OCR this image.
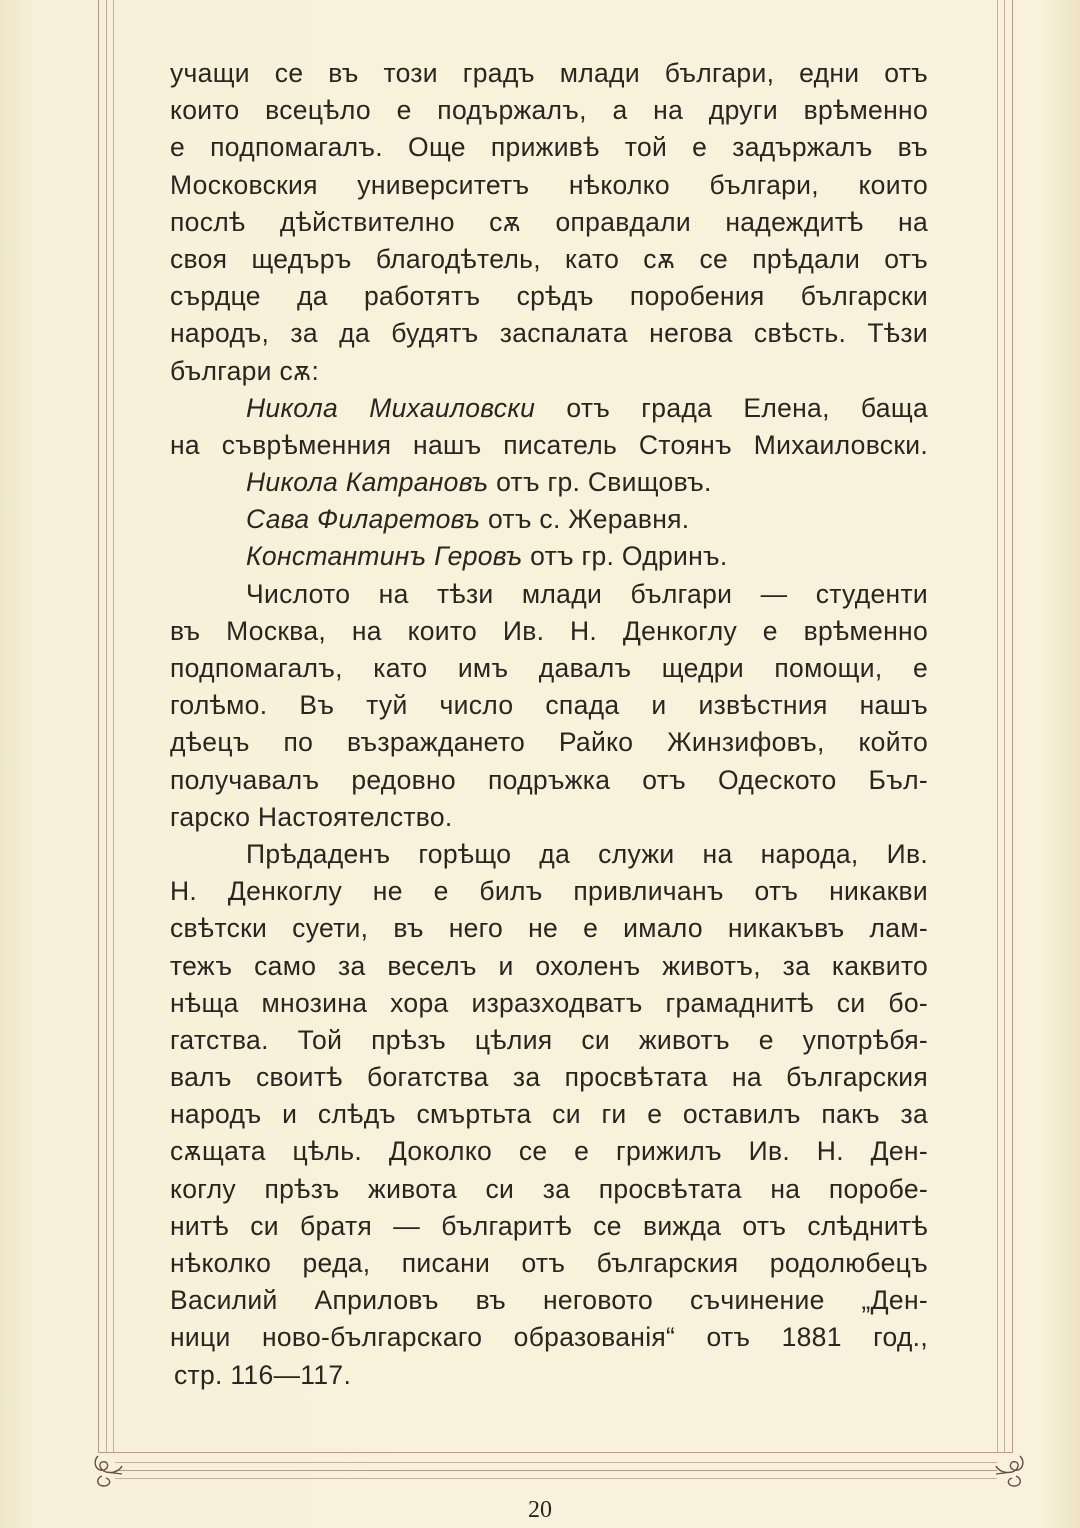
учащи се въ този градъ млади българи, едни отъ
които всецѣло е подържалъ, а на други врѣменно
е подпомагалъ. Още приживѣ той е задържалъ въ
Московския университетъ нѣколко българи, които
послѣ дѣйствително сѫ оправдали надеждитѣ на
своя щедъръ благодѣтель, като сѫ се прѣдали отъ
сърдце да работятъ срѣдъ поробения български
народъ, за да будятъ заспалата негова свѣсть. Тѣзи
българи сѫ:
Никола Михаиловски отъ града Елена, баща
на съврѣменния нашъ писатель Стоянъ Михаиловски.
Никола Катрановъ отъ гр. Свищовъ.
Сава Филаретовъ отъ с. Жеравня.
Константинъ Геровъ отъ гр. Одринъ.
Числото на тѣзи млади българи — студенти
въ Москва, на които Ив. Н. Денкоглу е врѣменно
подпомагалъ, като имъ давалъ щедри помощи, е
голѣмо. Въ туй число спада и извѣстния нашъ
дѣецъ по възраждането Райко Жинзифовъ, който
получавалъ редовно подръжка отъ Одеското Бъл-
гарско Настоятелство.
Прѣдаденъ горѣщо да служи на народа, Ив.
Н. Денкоглу не е билъ привличанъ отъ никакви
свѣтски суети, въ него не е имало никакъвъ лам-
тежъ само за веселъ и охоленъ животъ, за каквито
нѣща мнозина хора изразходватъ грамаднитѣ си бо-
гатства. Той прѣзъ цѣлия си животъ е употрѣбя-
валъ своитѣ богатства за просвѣтата на българския
народъ и слѣдъ смъртьта си ги е оставилъ пакъ за
сѫщата цѣль. Доколко се е грижилъ Ив. Н. Ден-
коглу прѣзъ живота си за просвѣтата на поробе-
нитѣ си братя — българитѣ се вижда отъ слѣднитѣ
нѣколко реда, писани отъ българския родолюбецъ
Василий Априловъ въ неговото съчинение „Ден-
ници ново-българскаго образованія“ отъ 1881 год.,
стр. 116—117.
20
